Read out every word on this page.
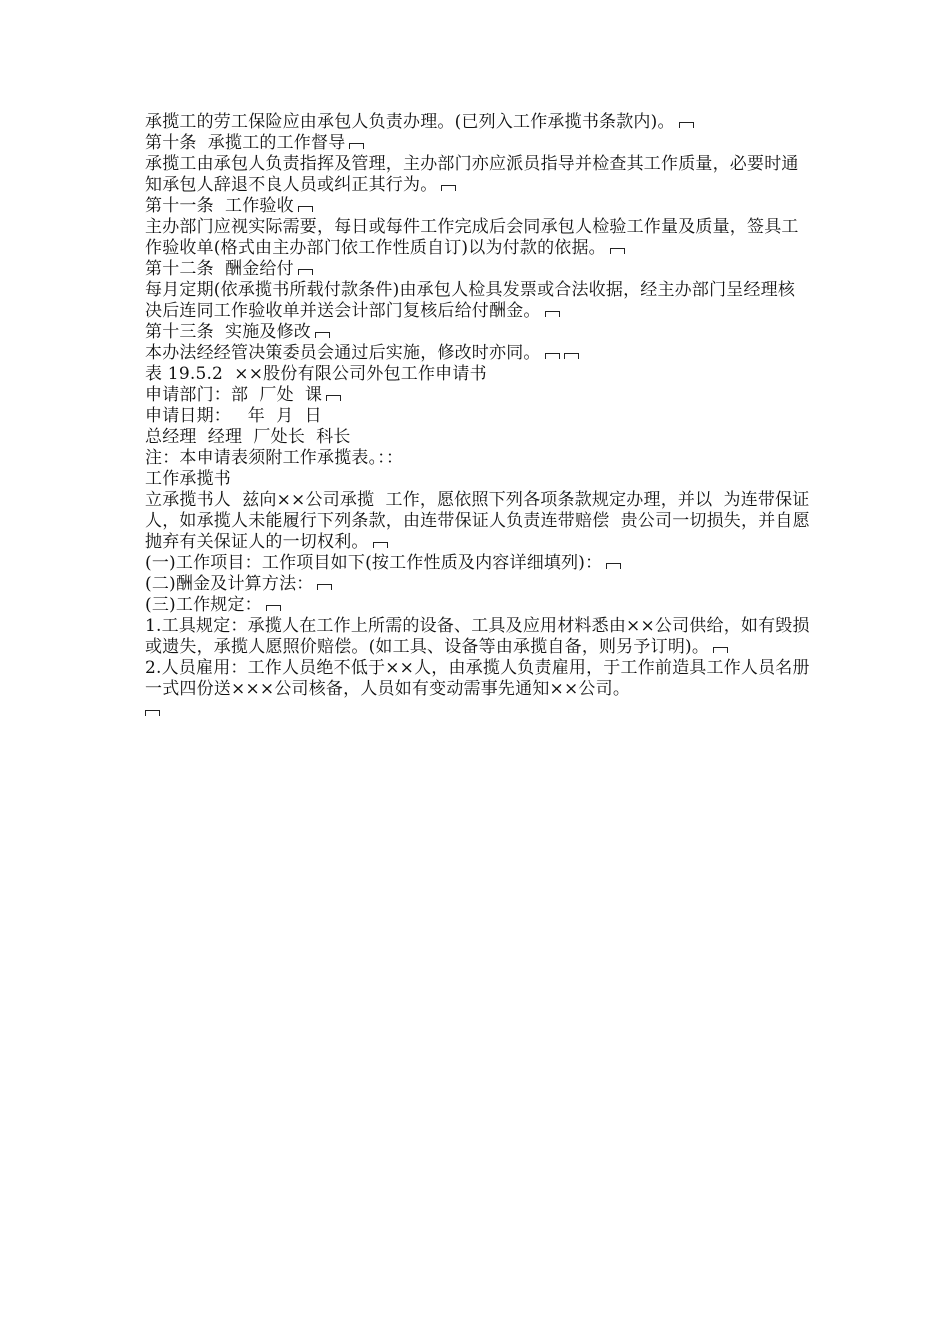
承揽工的劳工保险应由承包人负责办理。(已列入工作承揽书条款内)。

第十条  承揽工的工作督导

承揽工由承包人负责指挥及管理，主办部门亦应派员指导并检查其工作质量，必要时通知承包人辞退不良人员或纠正其行为。

第十一条  工作验收

主办部门应视实际需要，每日或每件工作完成后会同承包人检验工作量及质量，签具工作验收单(格式由主办部门依工作性质自订)以为付款的依据。

第十二条  酬金给付

每月定期(依承揽书所载付款条件)由承包人检具发票或合法收据，经主办部门呈经理核决后连同工作验收单并送会计部门复核后给付酬金。

第十三条  实施及修改

本办法经经管决策委员会通过后实施，修改时亦同。

表 19.5.2  ××股份有限公司外包工作申请书

申请部门：部  厂处  课

申请日期：   年  月  日

总经理  经理  厂处长  科长

注：本申请表须附工作承揽表。：：

工作承揽书

立承揽书人  兹向××公司承揽  工作，愿依照下列各项条款规定办理，并以  为连带保证人，如承揽人未能履行下列条款，由连带保证人负责连带赔偿  贵公司一切损失，并自愿抛弃有关保证人的一切权利。

(一)工作项目：工作项目如下(按工作性质及内容详细填列)：

(二)酬金及计算方法：

(三)工作规定：

1.工具规定：承揽人在工作上所需的设备、工具及应用材料悉由××公司供给，如有毁损或遗失，承揽人愿照价赔偿。(如工具、设备等由承揽自备，则另予订明)。

2.人员雇用：工作人员绝不低于××人，由承揽人负责雇用，于工作前造具工作人员名册一式四份送×××公司核备，人员如有变动需事先通知××公司。
